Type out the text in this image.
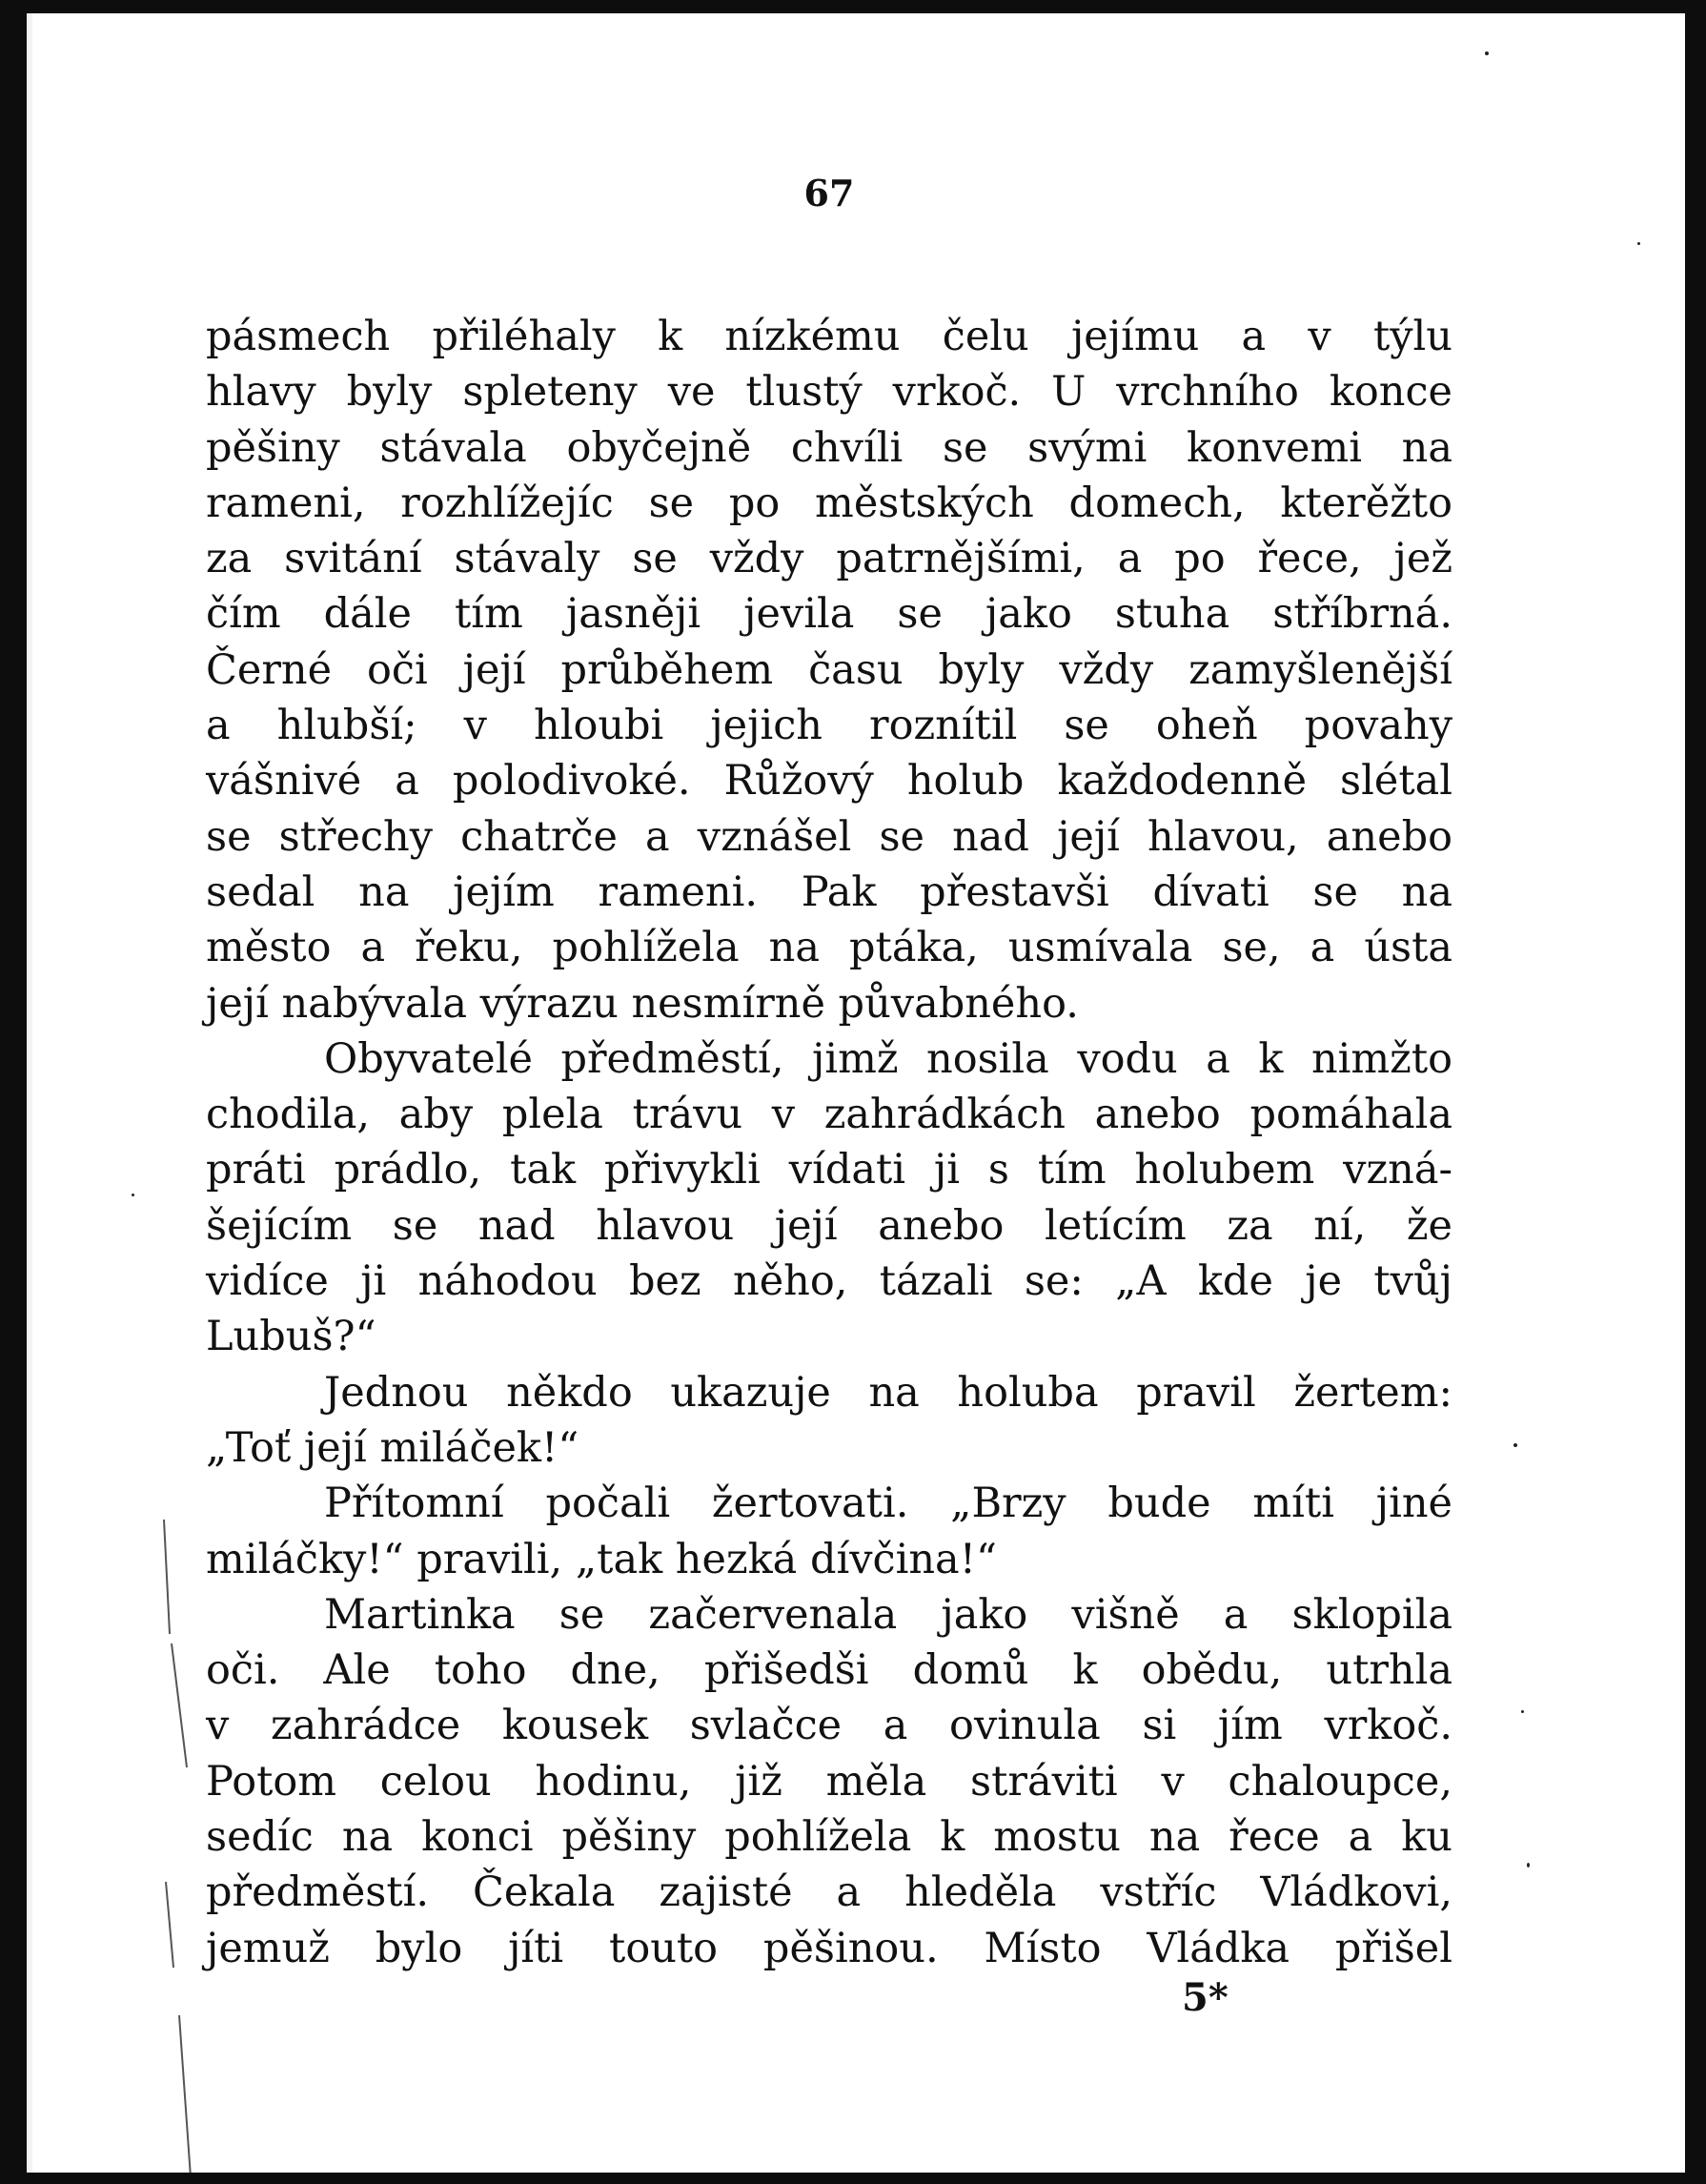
67
pásmech přiléhaly k nízkému čelu jejímu a v týlu
hlavy byly spleteny ve tlustý vrkoč. U vrchního konce
pěšiny stávala obyčejně chvíli se svými konvemi na
rameni, rozhlížejíc se po městských domech, kterěžto
za svitání stávaly se vždy patrnějšími, a po řece, jež
čím dále tím jasněji jevila se jako stuha stříbrná.
Černé oči její průběhem času byly vždy zamyšlenější
a hlubší; v hloubi jejich roznítil se oheň povahy
vášnivé a polodivoké. Růžový holub každodenně slétal
se střechy chatrče a vznášel se nad její hlavou, anebo
sedal na jejím rameni. Pak přestavši dívati se na
město a řeku, pohlížela na ptáka, usmívala se, a ústa
její nabývala výrazu nesmírně půvabného.
Obyvatelé předměstí, jimž nosila vodu a k nimžto
chodila, aby plela trávu v zahrádkách anebo pomáhala
práti prádlo, tak přivykli vídati ji s tím holubem vzná-
šejícím se nad hlavou její anebo letícím za ní, že
vidíce ji náhodou bez něho, tázali se: „A kde je tvůj
Lubuš?“
Jednou někdo ukazuje na holuba pravil žertem:
„Toť její miláček!“
Přítomní počali žertovati. „Brzy bude míti jiné
miláčky!“ pravili, „tak hezká dívčina!“
Martinka se začervenala jako višně a sklopila
oči. Ale toho dne, přišedši domů k obědu, utrhla
v zahrádce kousek svlačce a ovinula si jím vrkoč.
Potom celou hodinu, již měla stráviti v chaloupce,
sedíc na konci pěšiny pohlížela k mostu na řece a ku
předměstí. Čekala zajisté a hleděla vstříc Vládkovi,
jemuž bylo jíti touto pěšinou. Místo Vládka přišel
5*
